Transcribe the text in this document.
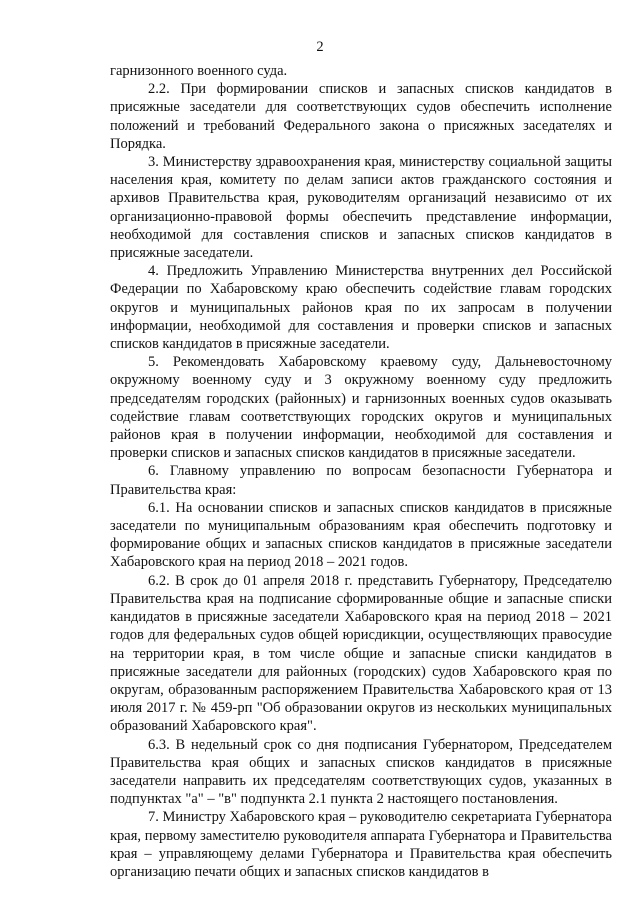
2

гарнизонного военного суда.

2.2. При формировании списков и запасных списков кандидатов в присяжные заседатели для соответствующих судов обеспечить исполнение положений и требований Федерального закона о присяжных заседателях и Порядка.

3. Министерству здравоохранения края, министерству социальной защиты населения края, комитету по делам записи актов гражданского состояния и архивов Правительства края, руководителям организаций независимо от их организационно-правовой формы обеспечить представление информации, необходимой для составления списков и запасных списков кандидатов в присяжные заседатели.

4. Предложить Управлению Министерства внутренних дел Российской Федерации по Хабаровскому краю обеспечить содействие главам городских округов и муниципальных районов края по их запросам в получении информации, необходимой для составления и проверки списков и запасных списков кандидатов в присяжные заседатели.

5. Рекомендовать Хабаровскому краевому суду, Дальневосточному окружному военному суду и 3 окружному военному суду предложить председателям городских (районных) и гарнизонных военных судов оказывать содействие главам соответствующих городских округов и муниципальных районов края в получении информации, необходимой для составления и проверки списков и запасных списков кандидатов в присяжные заседатели.

6. Главному управлению по вопросам безопасности Губернатора и Правительства края:

6.1. На основании списков и запасных списков кандидатов в присяжные заседатели по муниципальным образованиям края обеспечить подготовку и формирование общих и запасных списков кандидатов в присяжные заседатели Хабаровского края на период 2018 – 2021 годов.

6.2. В срок до 01 апреля 2018 г. представить Губернатору, Председателю Правительства края на подписание сформированные общие и запасные списки кандидатов в присяжные заседатели Хабаровского края на период 2018 – 2021 годов для федеральных судов общей юрисдикции, осуществляющих правосудие на территории края, в том числе общие и запасные списки кандидатов в присяжные заседатели для районных (городских) судов Хабаровского края по округам, образованным распоряжением Правительства Хабаровского края от 13 июля 2017 г. № 459-рп "Об образовании округов из нескольких муниципальных образований Хабаровского края".

6.3. В недельный срок со дня подписания Губернатором, Председателем Правительства края общих и запасных списков кандидатов в присяжные заседатели направить их председателям соответствующих судов, указанных в подпунктах "а" – "в" подпункта 2.1 пункта 2 настоящего постановления.

7. Министру Хабаровского края – руководителю секретариата Губернатора края, первому заместителю руководителя аппарата Губернатора и Правительства края – управляющему делами Губернатора и Правительства края обеспечить организацию печати общих и запасных списков кандидатов в
